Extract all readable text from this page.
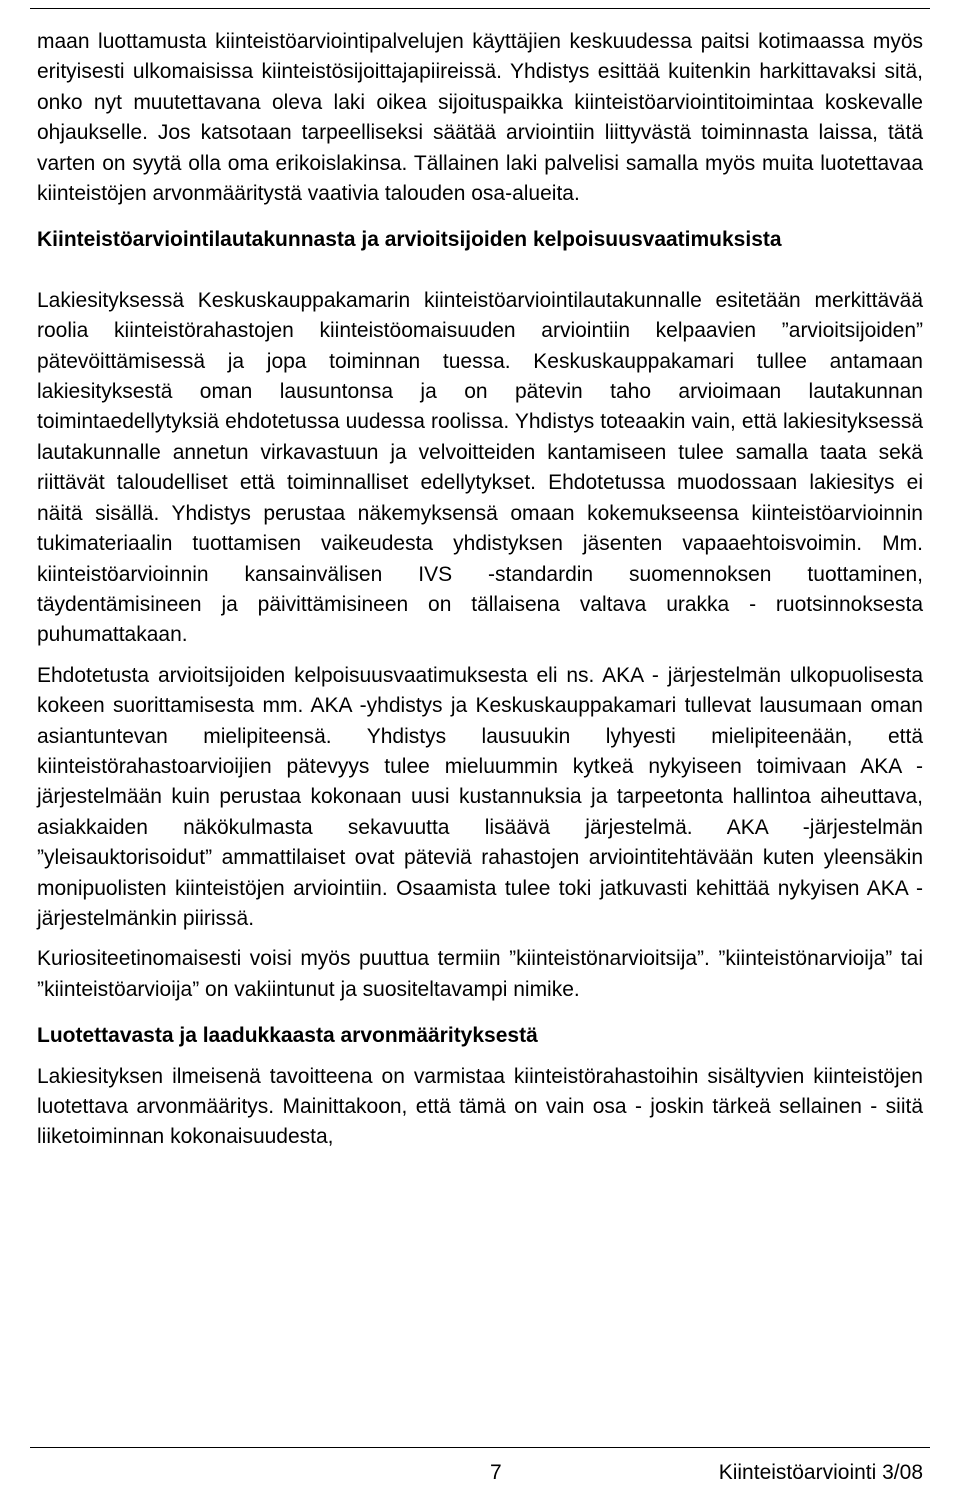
maan luottamusta kiinteistöarviointipalvelujen käyttäjien keskuudessa paitsi kotimaassa myös erityisesti ulkomaisissa kiinteistösijoittajapiireissä. Yhdistys esittää kuitenkin harkittavaksi sitä, onko nyt muutettavana oleva laki oikea sijoituspaikka kiinteistöarviointitoimintaa koskevalle ohjaukselle. Jos katsotaan tarpeelliseksi säätää arviointiin liittyvästä toiminnasta laissa, tätä varten on syytä olla oma erikoislakinsa. Tällainen laki palvelisi samalla myös muita luotettavaa kiinteistöjen arvonmääritystä vaativia talouden osa-alueita.

Kiinteistöarviointilautakunnasta ja arvioitsijoiden kelpoisuusvaatimuksista

Lakiesityksessä Keskuskauppakamarin kiinteistöarviointilautakunnalle esitetään merkittävää roolia kiinteistörahastojen kiinteistöomaisuuden arviointiin kelpaavien ”arvioitsijoiden” pätevöittämisessä ja jopa toiminnan tuessa. Keskuskauppakamari tullee antamaan lakiesityksestä oman lausuntonsa ja on pätevin taho arvioimaan lautakunnan toimintaedellytyksiä ehdotetussa uudessa roolissa. Yhdistys toteaakin vain, että lakiesityksessä lautakunnalle annetun virkavastuun ja velvoitteiden kantamiseen tulee samalla taata sekä riittävät taloudelliset että toiminnalliset edellytykset. Ehdotetussa muodossaan lakiesitys ei näitä sisällä. Yhdistys perustaa näkemyksensä omaan kokemukseensa kiinteistöarvioinnin tukimateriaalin tuottamisen vaikeudesta yhdistyksen jäsenten vapaaehtoisvoimin. Mm. kiinteistöarvioinnin kansainvälisen IVS -standardin suomennoksen tuottaminen, täydentämisineen ja päivittämisineen on tällaisena valtava urakka - ruotsinnoksesta puhumattakaan.

Ehdotetusta arvioitsijoiden kelpoisuusvaatimuksesta eli ns. AKA - järjestelmän ulkopuolisesta kokeen suorittamisesta mm. AKA -yhdistys ja Keskuskauppakamari tullevat lausumaan oman asiantuntevan mielipiteensä. Yhdistys lausuukin lyhyesti mielipiteenään, että kiinteistörahastoarvioijien pätevyys tulee mieluummin kytkeä nykyiseen toimivaan AKA - järjestelmään kuin perustaa kokonaan uusi kustannuksia ja tarpeetonta hallintoa aiheuttava, asiakkaiden näkökulmasta sekavuutta lisäävä järjestelmä. AKA -järjestelmän ”yleisauktorisoidut” ammattilaiset ovat päteviä rahastojen arviointitehtävään kuten yleensäkin monipuolisten kiinteistöjen arviointiin. Osaamista tulee toki jatkuvasti kehittää nykyisen AKA - järjestelmänkin piirissä.

Kuriositeetinomaisesti voisi myös puuttua termiin ”kiinteistönarvioitsija”. ”kiinteistönarvioija” tai ”kiinteistöarvioija” on vakiintunut ja suositeltavampi nimike.

Luotettavasta ja laadukkaasta arvonmäärityksestä

Lakiesityksen ilmeisenä tavoitteena on varmistaa kiinteistörahastoihin sisältyvien kiinteistöjen luotettava arvonmääritys. Mainittakoon, että tämä on vain osa - joskin tärkeä sellainen - siitä liiketoiminnan kokonaisuudesta,

7	Kiinteistöarviointi 3/08
